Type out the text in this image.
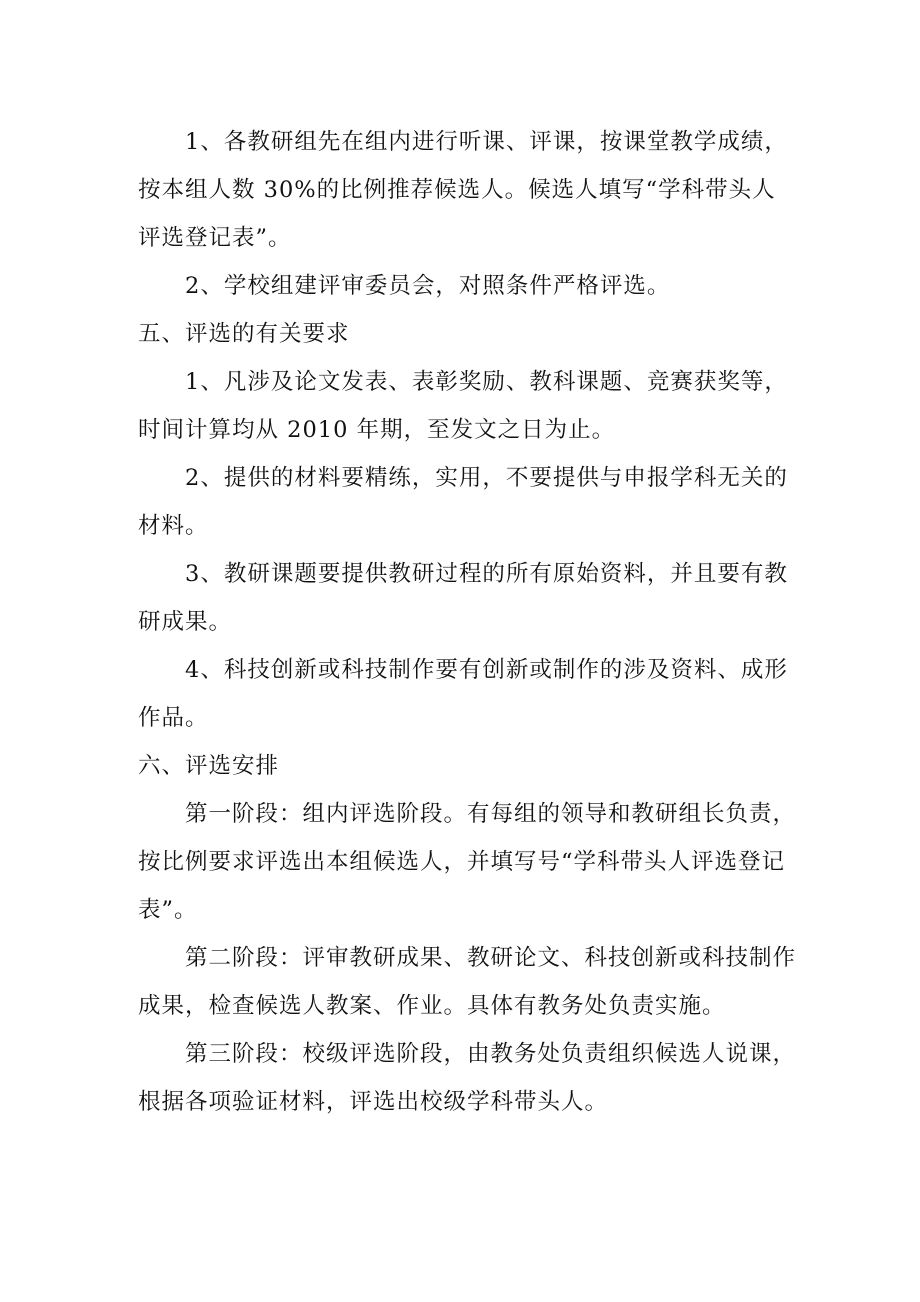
1、各教研组先在组内进行听课、评课，按课堂教学成绩，
按本组人数 30%的比例推荐候选人。候选人填写“学科带头人
评选登记表”。
2、学校组建评审委员会，对照条件严格评选。
五、评选的有关要求
1、凡涉及论文发表、表彰奖励、教科课题、竞赛获奖等，
时间计算均从 2010 年期，至发文之日为止。
2、提供的材料要精练，实用，不要提供与申报学科无关的
材料。
3、教研课题要提供教研过程的所有原始资料，并且要有教
研成果。
4、科技创新或科技制作要有创新或制作的涉及资料、成形
作品。
六、评选安排
第一阶段：组内评选阶段。有每组的领导和教研组长负责，
按比例要求评选出本组候选人，并填写号“学科带头人评选登记
表”。
第二阶段：评审教研成果、教研论文、科技创新或科技制作
成果，检查候选人教案、作业。具体有教务处负责实施。
第三阶段：校级评选阶段，由教务处负责组织候选人说课，
根据各项验证材料，评选出校级学科带头人。
